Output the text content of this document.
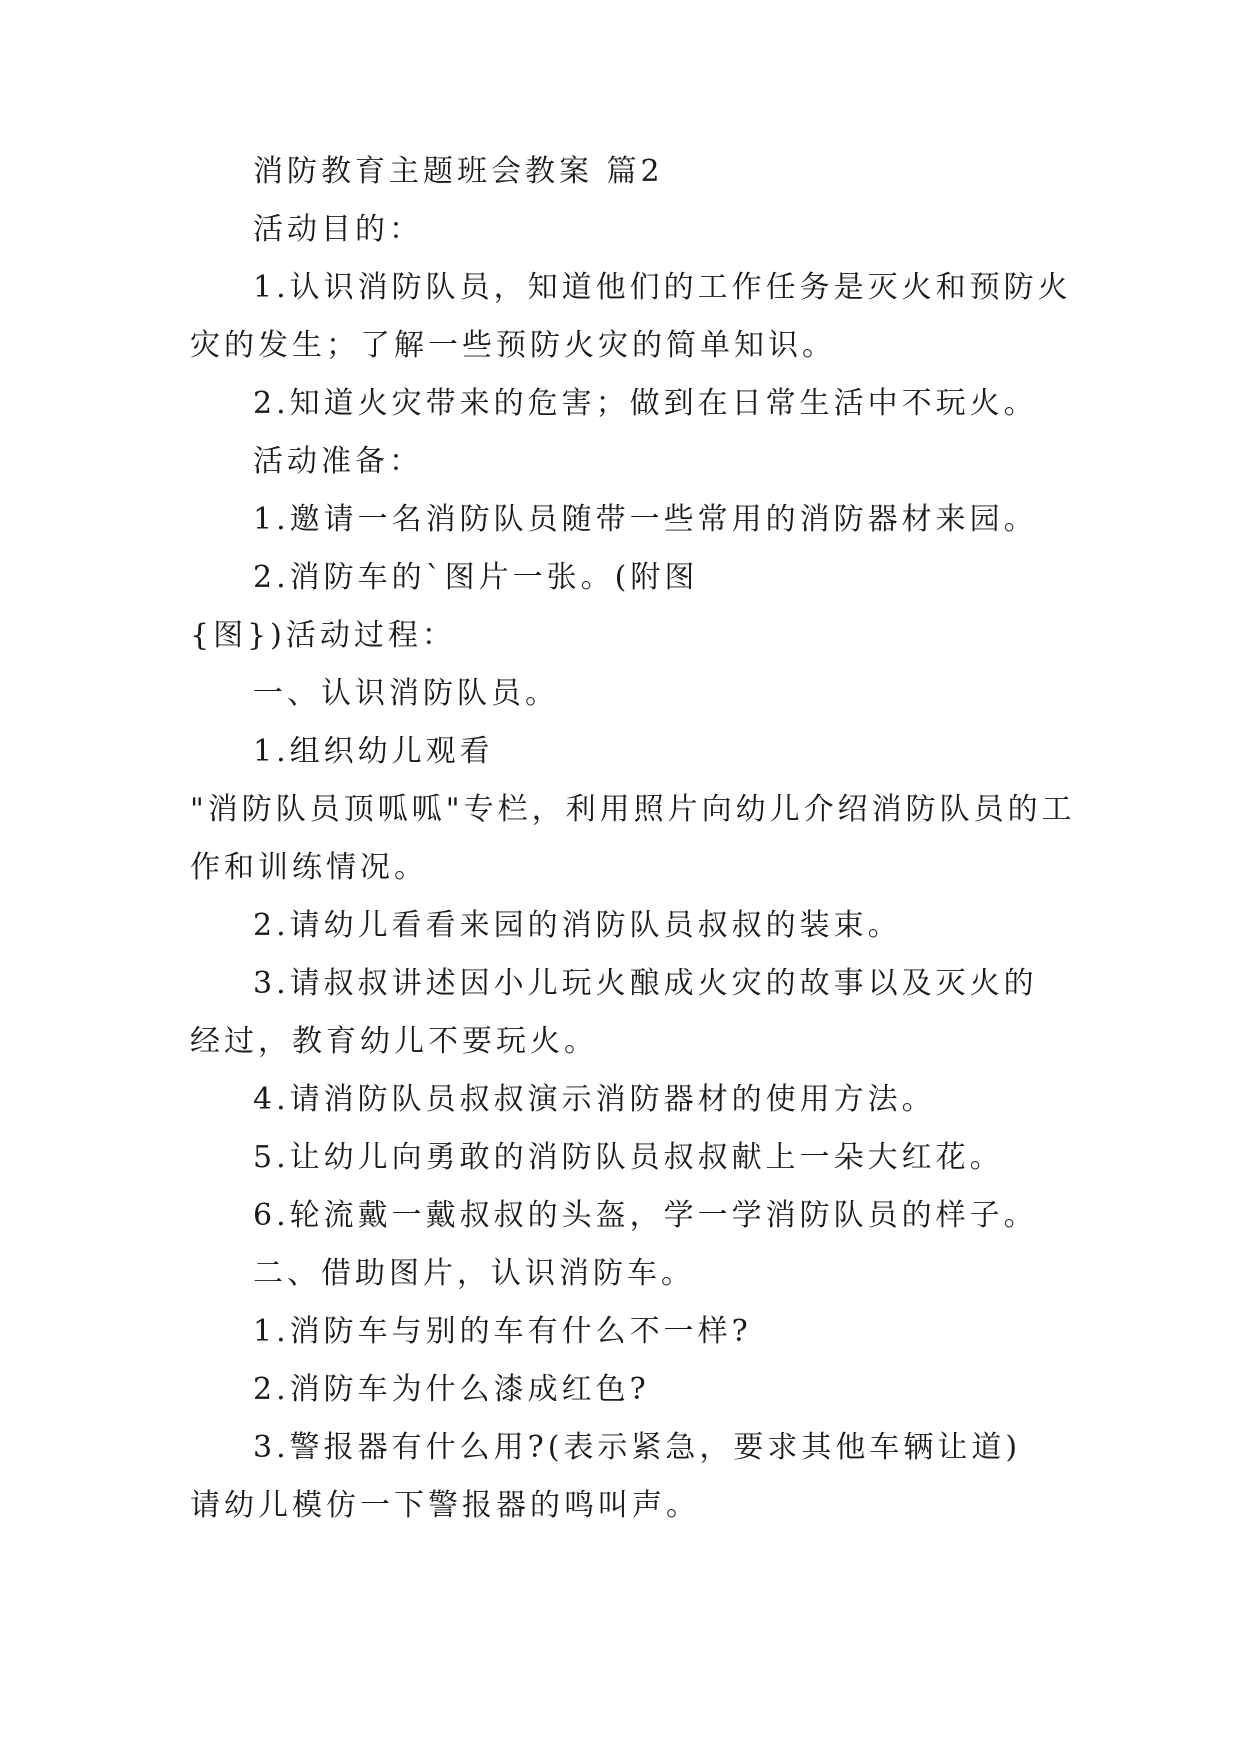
消防教育主题班会教案 篇2
活动目的：
1.认识消防队员，知道他们的工作任务是灭火和预防火
灾的发生；了解一些预防火灾的简单知识。
2.知道火灾带来的危害；做到在日常生活中不玩火。
活动准备：
1.邀请一名消防队员随带一些常用的消防器材来园。
2.消防车的`图片一张。(附图
{图})活动过程：
一、认识消防队员。
1.组织幼儿观看
"消防队员顶呱呱"专栏，利用照片向幼儿介绍消防队员的工
作和训练情况。
2.请幼儿看看来园的消防队员叔叔的装束。
3.请叔叔讲述因小儿玩火酿成火灾的故事以及灭火的
经过，教育幼儿不要玩火。
4.请消防队员叔叔演示消防器材的使用方法。
5.让幼儿向勇敢的消防队员叔叔献上一朵大红花。
6.轮流戴一戴叔叔的头盔，学一学消防队员的样子。
二、借助图片，认识消防车。
1.消防车与别的车有什么不一样?
2.消防车为什么漆成红色?
3.警报器有什么用?(表示紧急，要求其他车辆让道)
请幼儿模仿一下警报器的鸣叫声。
